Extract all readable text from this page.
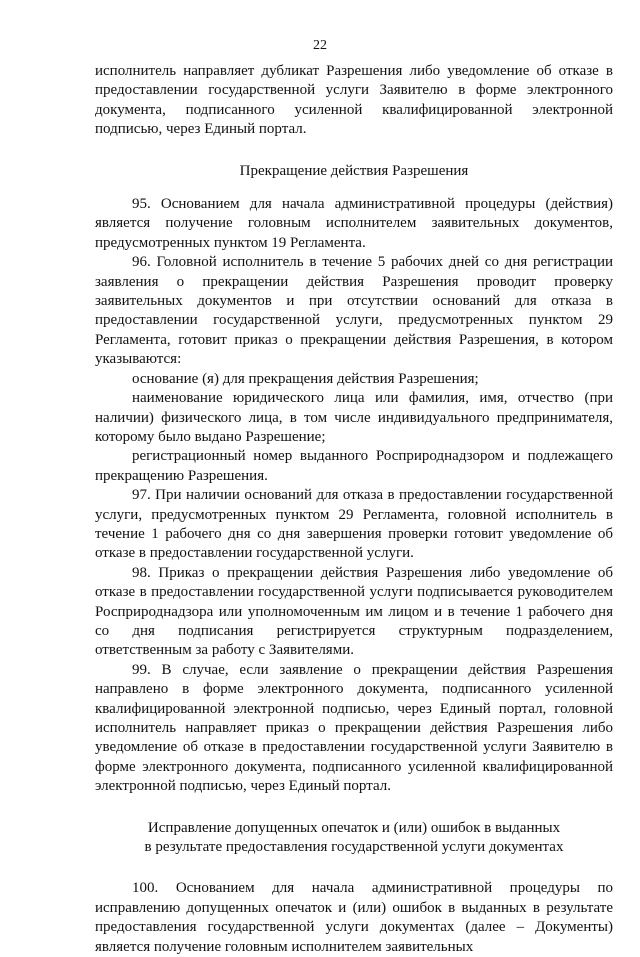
22

исполнитель направляет дубликат Разрешения либо уведомление об отказе в предоставлении государственной услуги Заявителю в форме электронного документа, подписанного усиленной квалифицированной электронной подписью, через Единый портал.

Прекращение действия Разрешения

95. Основанием для начала административной процедуры (действия) является получение головным исполнителем заявительных документов, предусмотренных пунктом 19 Регламента.

96. Головной исполнитель в течение 5 рабочих дней со дня регистрации заявления о прекращении действия Разрешения проводит проверку заявительных документов и при отсутствии оснований для отказа в предоставлении государственной услуги, предусмотренных пунктом 29 Регламента, готовит приказ о прекращении действия Разрешения, в котором указываются:

основание (я) для прекращения действия Разрешения;

наименование юридического лица или фамилия, имя, отчество (при наличии) физического лица, в том числе индивидуального предпринимателя, которому было выдано Разрешение;

регистрационный номер выданного Росприроднадзором и подлежащего прекращению Разрешения.

97. При наличии оснований для отказа в предоставлении государственной услуги, предусмотренных пунктом 29 Регламента, головной исполнитель в течение 1 рабочего дня со дня завершения проверки готовит уведомление об отказе в предоставлении государственной услуги.

98. Приказ о прекращении действия Разрешения либо уведомление об отказе в предоставлении государственной услуги подписывается руководителем Росприроднадзора или уполномоченным им лицом и в течение 1 рабочего дня со дня подписания регистрируется структурным подразделением, ответственным за работу с Заявителями.

99. В случае, если заявление о прекращении действия Разрешения направлено в форме электронного документа, подписанного усиленной квалифицированной электронной подписью, через Единый портал, головной исполнитель направляет приказ о прекращении действия Разрешения либо уведомление об отказе в предоставлении государственной услуги Заявителю в форме электронного документа, подписанного усиленной квалифицированной электронной подписью, через Единый портал.

Исправление допущенных опечаток и (или) ошибок в выданных

в результате предоставления государственной услуги документах

100. Основанием для начала административной процедуры по исправлению допущенных опечаток и (или) ошибок в выданных в результате предоставления государственной услуги документах (далее – Документы) является получение головным исполнителем заявительных
